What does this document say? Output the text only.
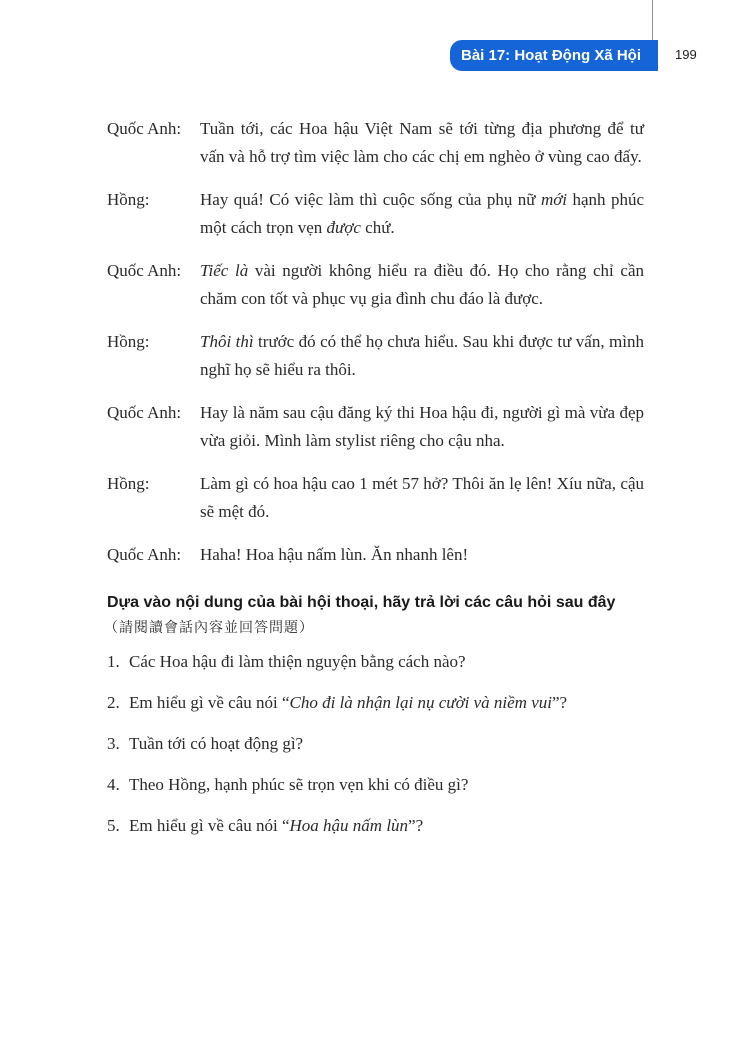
Bài 17: Hoạt Động Xã Hội	199
Quốc Anh:	Tuần tới, các Hoa hậu Việt Nam sẽ tới từng địa phương để tư vấn và hỗ trợ tìm việc làm cho các chị em nghèo ở vùng cao đấy.
Hồng:	Hay quá! Có việc làm thì cuộc sống của phụ nữ mới hạnh phúc một cách trọn vẹn được chứ.
Quốc Anh:	Tiếc là vài người không hiểu ra điều đó. Họ cho rằng chỉ cần chăm con tốt và phục vụ gia đình chu đáo là được.
Hồng:	Thôi thì trước đó có thể họ chưa hiểu. Sau khi được tư vấn, mình nghĩ họ sẽ hiểu ra thôi.
Quốc Anh:	Hay là năm sau cậu đăng ký thi Hoa hậu đi, người gì mà vừa đẹp vừa giỏi. Mình làm stylist riêng cho cậu nha.
Hồng:	Làm gì có hoa hậu cao 1 mét 57 hở? Thôi ăn lẹ lên! Xíu nữa, cậu sẽ mệt đó.
Quốc Anh:	Haha! Hoa hậu nấm lùn. Ăn nhanh lên!
Dựa vào nội dung của bài hội thoại, hãy trả lời các câu hỏi sau đây
（請閱讀會話內容並回答問題）
1. Các Hoa hậu đi làm thiện nguyện bằng cách nào?
2. Em hiểu gì về câu nói “Cho đi là nhận lại nụ cười và niềm vui”?
3. Tuần tới có hoạt động gì?
4. Theo Hồng, hạnh phúc sẽ trọn vẹn khi có điều gì?
5. Em hiểu gì về câu nói “Hoa hậu nấm lùn”?
